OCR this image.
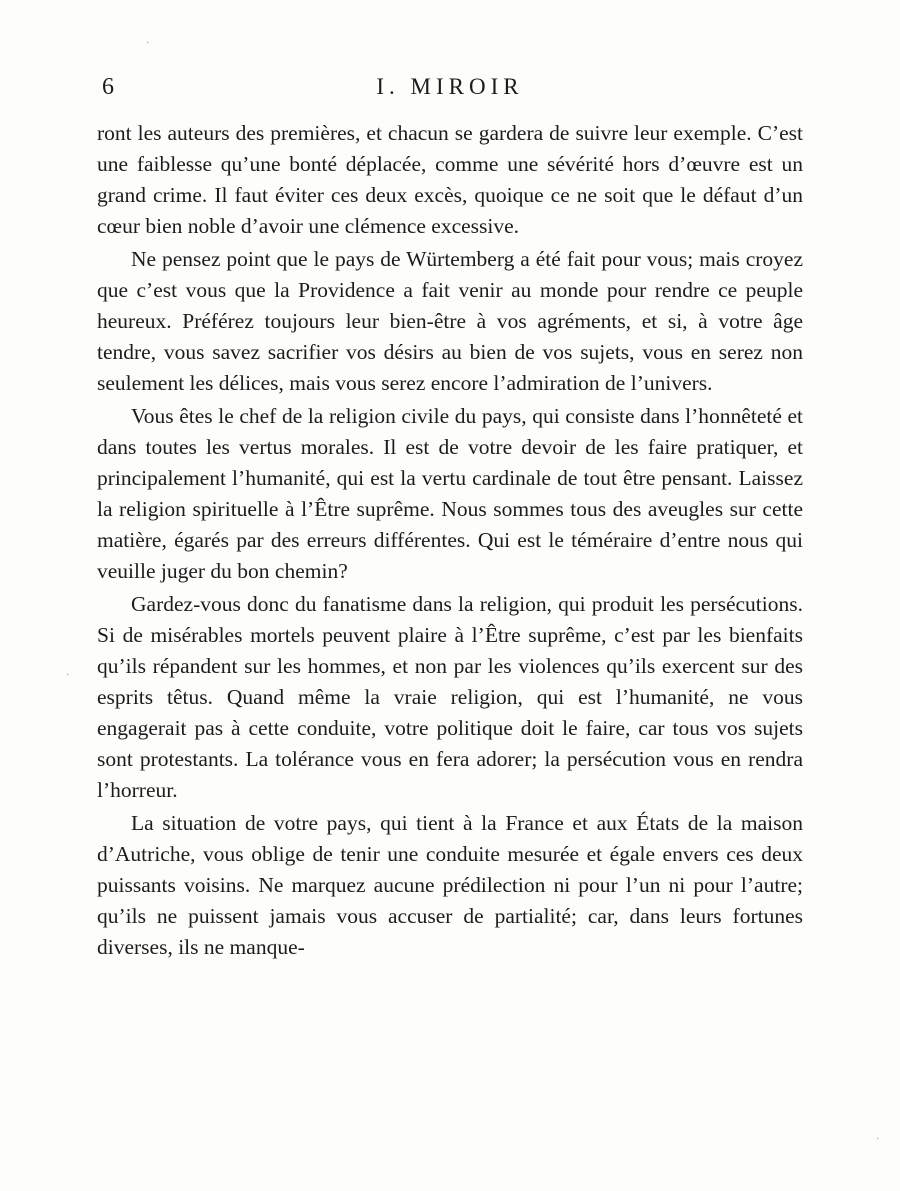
6	I. MIROIR

ront les auteurs des premières, et chacun se gardera de suivre leur exemple. C’est une faiblesse qu’une bonté déplacée, comme une sévérité hors d’œuvre est un grand crime. Il faut éviter ces deux excès, quoique ce ne soit que le défaut d’un cœur bien noble d’avoir une clémence excessive.

Ne pensez point que le pays de Würtemberg a été fait pour vous; mais croyez que c’est vous que la Providence a fait venir au monde pour rendre ce peuple heureux. Préférez toujours leur bien-être à vos agréments, et si, à votre âge tendre, vous savez sacrifier vos désirs au bien de vos sujets, vous en serez non seulement les délices, mais vous serez encore l’admiration de l’univers.

Vous êtes le chef de la religion civile du pays, qui consiste dans l’honnêteté et dans toutes les vertus morales. Il est de votre devoir de les faire pratiquer, et principalement l’humanité, qui est la vertu cardinale de tout être pensant. Laissez la religion spirituelle à l’Être suprême. Nous sommes tous des aveugles sur cette matière, égarés par des erreurs différentes. Qui est le téméraire d’entre nous qui veuille juger du bon chemin?

Gardez-vous donc du fanatisme dans la religion, qui produit les persécutions. Si de misérables mortels peuvent plaire à l’Être suprême, c’est par les bienfaits qu’ils répandent sur les hommes, et non par les violences qu’ils exercent sur des esprits têtus. Quand même la vraie religion, qui est l’humanité, ne vous engagerait pas à cette conduite, votre politique doit le faire, car tous vos sujets sont protestants. La tolérance vous en fera adorer; la persécution vous en rendra l’horreur.

La situation de votre pays, qui tient à la France et aux États de la maison d’Autriche, vous oblige de tenir une conduite mesurée et égale envers ces deux puissants voisins. Ne marquez aucune prédilection ni pour l’un ni pour l’autre; qu’ils ne puissent jamais vous accuser de partialité; car, dans leurs fortunes diverses, ils ne manque-

·
·
·
